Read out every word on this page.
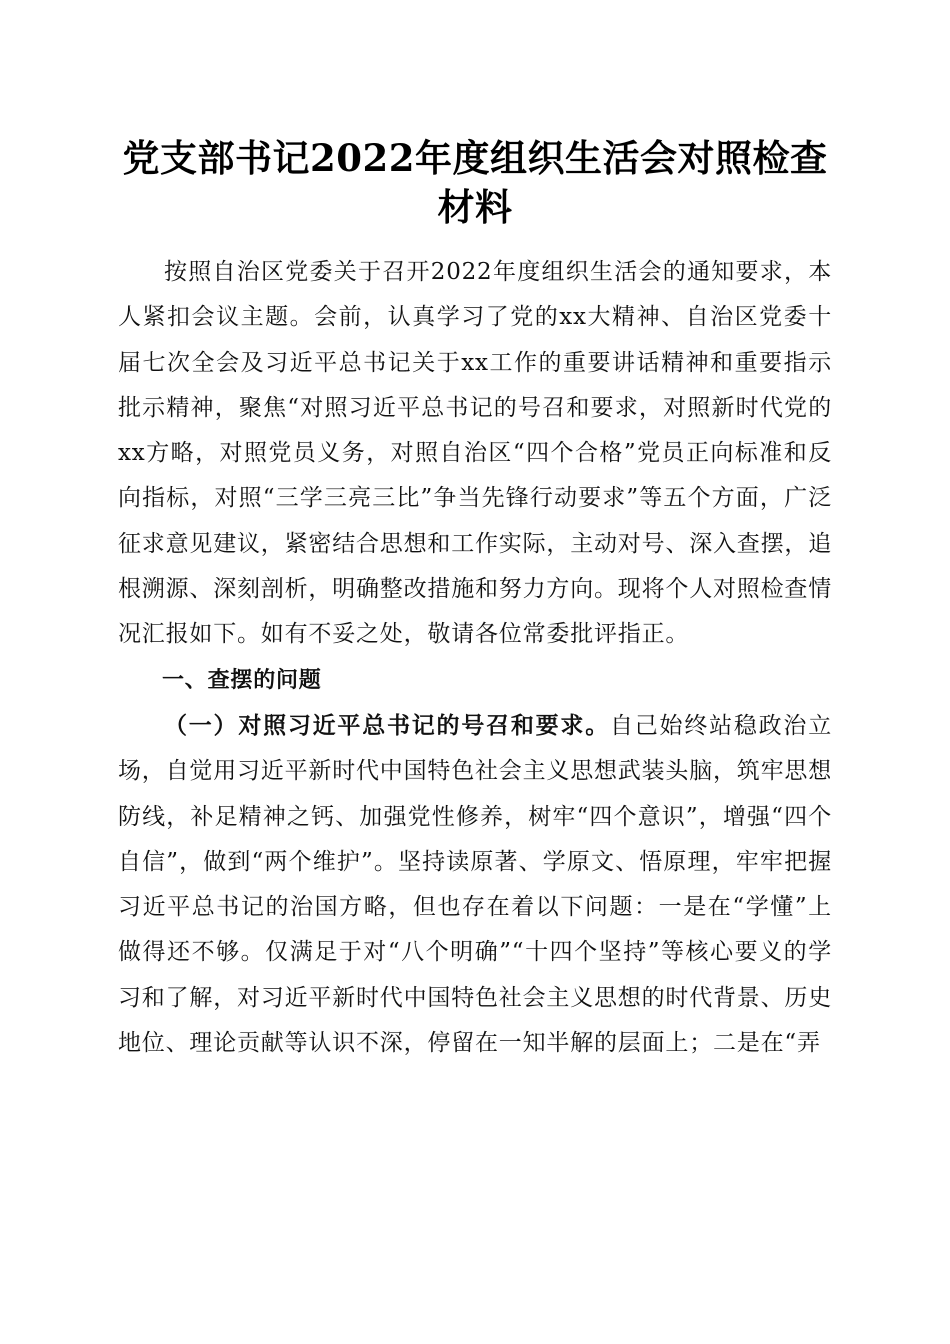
党支部书记2022年度组织生活会对照检查材料

按照自治区党委关于召开2022年度组织生活会的通知要求，本人紧扣会议主题。会前，认真学习了党的xx大精神、自治区党委十届七次全会及习近平总书记关于xx工作的重要讲话精神和重要指示批示精神，聚焦“对照习近平总书记的号召和要求，对照新时代党的xx方略，对照党员义务，对照自治区“四个合格”党员正向标准和反向指标，对照“三学三亮三比”争当先锋行动要求”等五个方面，广泛征求意见建议，紧密结合思想和工作实际，主动对号、深入查摆，追根溯源、深刻剖析，明确整改措施和努力方向。现将个人对照检查情况汇报如下。如有不妥之处，敬请各位常委批评指正。

一、查摆的问题

（一）对照习近平总书记的号召和要求。自己始终站稳政治立场，自觉用习近平新时代中国特色社会主义思想武装头脑，筑牢思想防线，补足精神之钙、加强党性修养，树牢“四个意识”，增强“四个自信”，做到“两个维护”。坚持读原著、学原文、悟原理，牢牢把握习近平总书记的治国方略，但也存在着以下问题：一是在“学懂”上做得还不够。仅满足于对“八个明确”“十四个坚持”等核心要义的学习和了解，对习近平新时代中国特色社会主义思想的时代背景、历史地位、理论贡献等认识不深，停留在一知半解的层面上；二是在“弄
